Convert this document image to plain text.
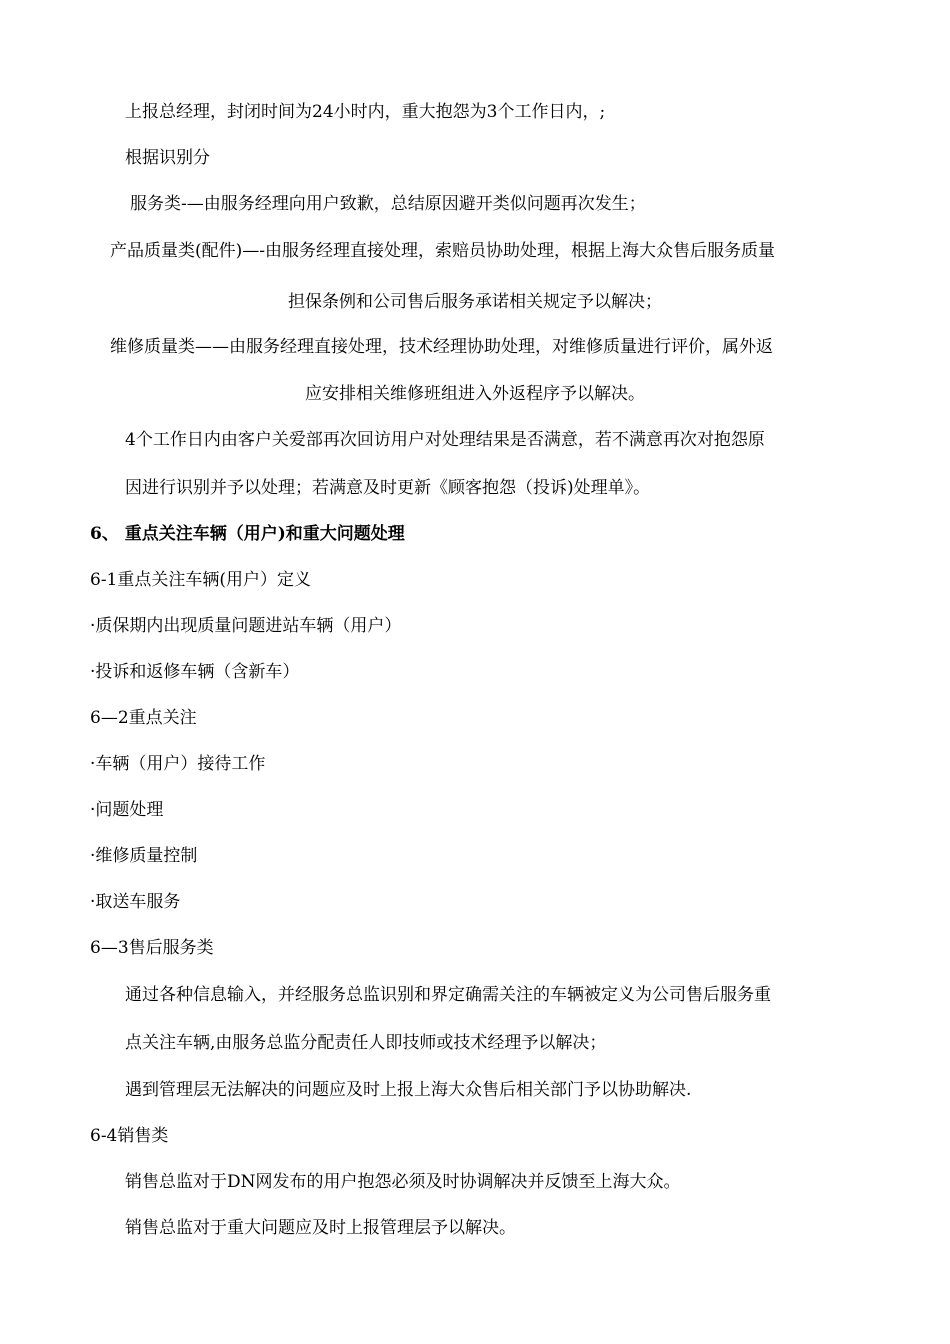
上报总经理，封闭时间为24小时内，重大抱怨为3个工作日内，;
根据识别分
服务类-—由服务经理向用户致歉，总结原因避开类似问题再次发生；
产品质量类(配件)—-由服务经理直接处理，索赔员协助处理，根据上海大众售后服务质量
担保条例和公司售后服务承诺相关规定予以解决；
维修质量类——由服务经理直接处理，技术经理协助处理，对维修质量进行评价，属外返
应安排相关维修班组进入外返程序予以解决。
4个工作日内由客户关爱部再次回访用户对处理结果是否满意，若不满意再次对抱怨原
因进行识别并予以处理；若满意及时更新《顾客抱怨（投诉)处理单》。
6、 重点关注车辆（用户)和重大问题处理
6-1重点关注车辆(用户）定义
·质保期内出现质量问题进站车辆（用户）
·投诉和返修车辆（含新车）
6—2重点关注
·车辆（用户）接待工作
·问题处理
·维修质量控制
·取送车服务
6—3售后服务类
通过各种信息输入，并经服务总监识别和界定确需关注的车辆被定义为公司售后服务重
点关注车辆,由服务总监分配责任人即技师或技术经理予以解决；
遇到管理层无法解决的问题应及时上报上海大众售后相关部门予以协助解决.
6-4销售类
销售总监对于DN网发布的用户抱怨必须及时协调解决并反馈至上海大众。
销售总监对于重大问题应及时上报管理层予以解决。
